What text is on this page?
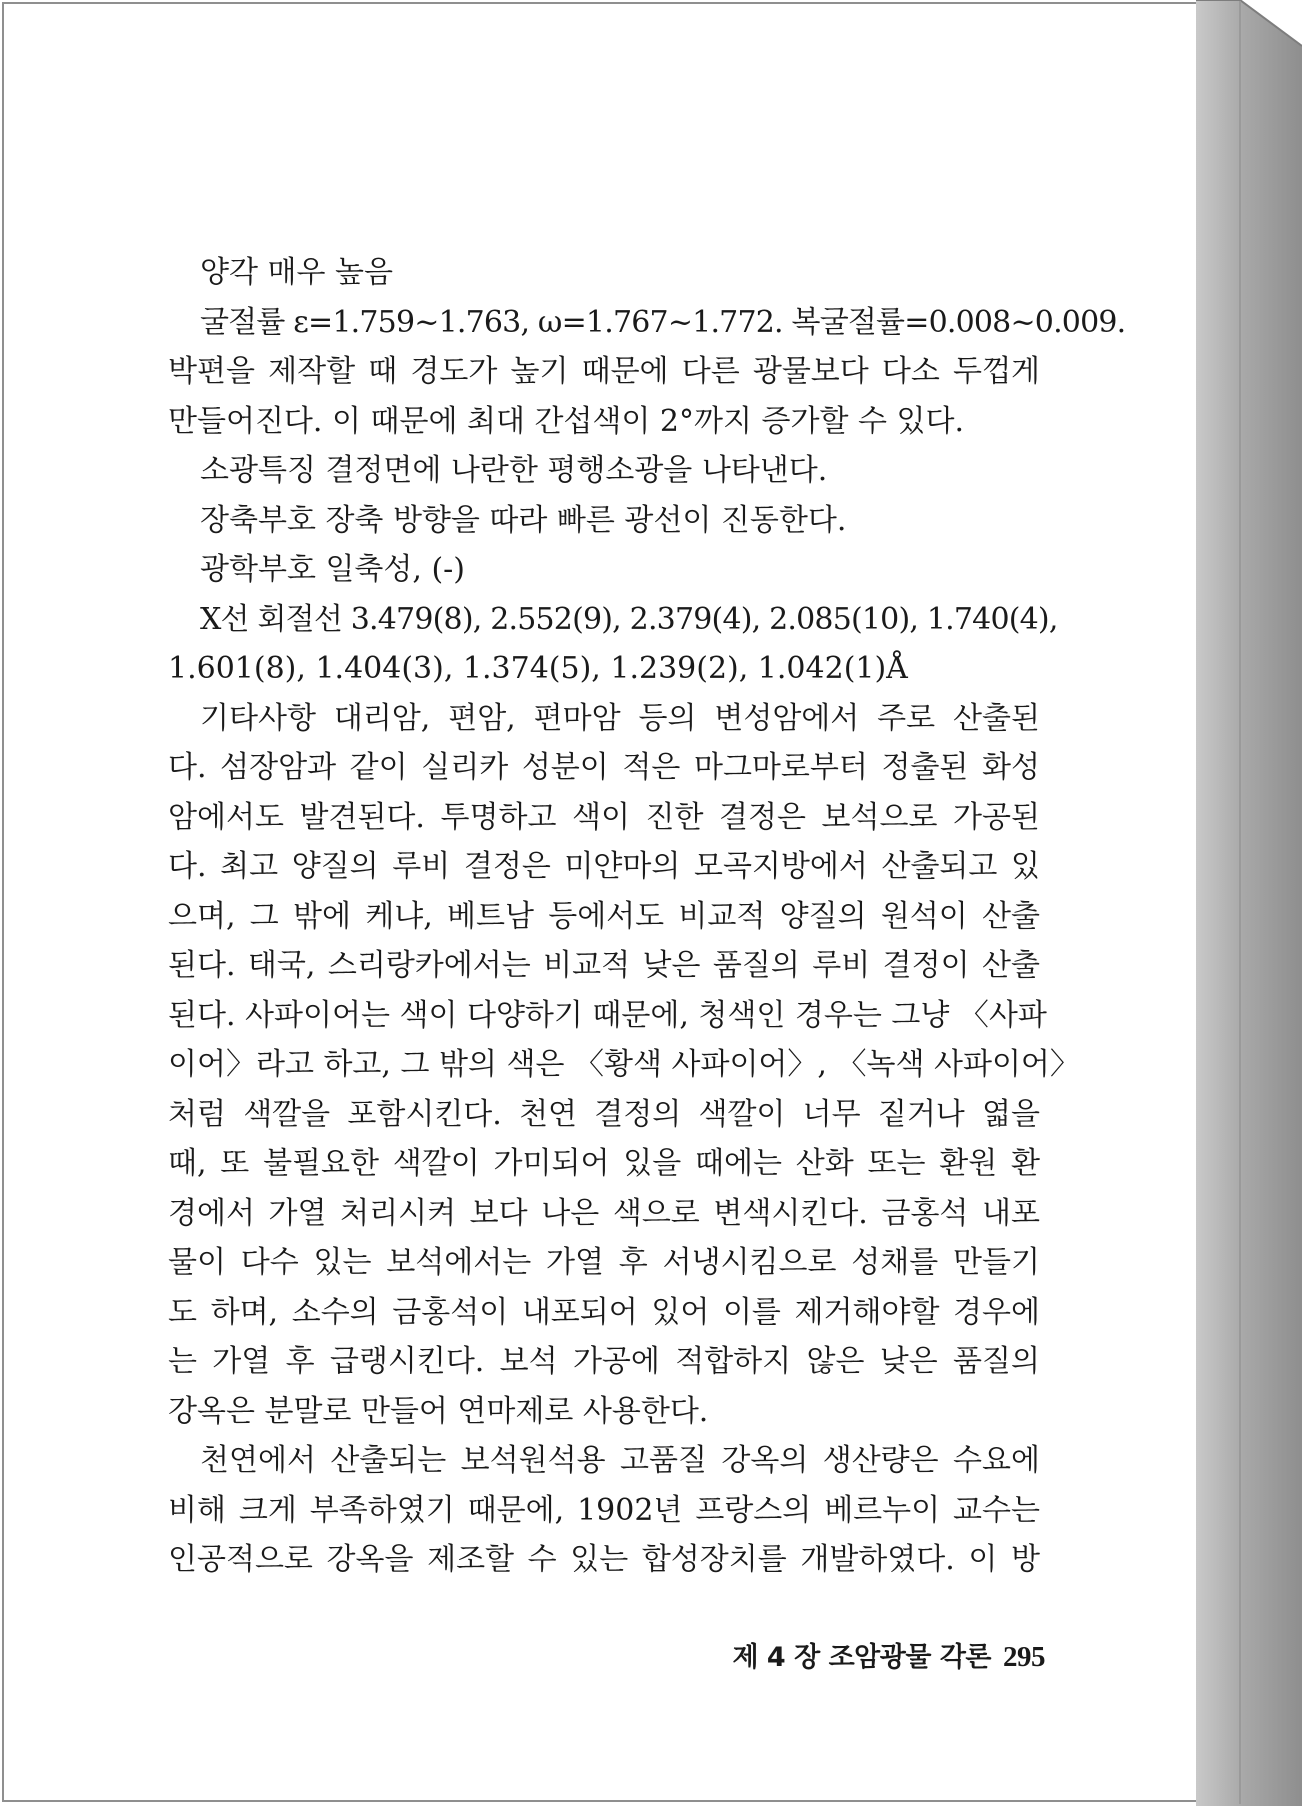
양각 매우 높음
굴절률 ε=1.759~1.763, ω=1.767~1.772. 복굴절률=0.008~0.009.
박편을 제작할 때 경도가 높기 때문에 다른 광물보다 다소 두껍게
만들어진다. 이 때문에 최대 간섭색이 2°까지 증가할 수 있다.
소광특징 결정면에 나란한 평행소광을 나타낸다.
장축부호 장축 방향을 따라 빠른 광선이 진동한다.
광학부호 일축성, (-)
X선 회절선 3.479(8), 2.552(9), 2.379(4), 2.085(10), 1.740(4),
1.601(8), 1.404(3), 1.374(5), 1.239(2), 1.042(1)Å
기타사항 대리암, 편암, 편마암 등의 변성암에서 주로 산출된
다. 섬장암과 같이 실리카 성분이 적은 마그마로부터 정출된 화성
암에서도 발견된다. 투명하고 색이 진한 결정은 보석으로 가공된
다. 최고 양질의 루비 결정은 미얀마의 모곡지방에서 산출되고 있
으며, 그 밖에 케냐, 베트남 등에서도 비교적 양질의 원석이 산출
된다. 태국, 스리랑카에서는 비교적 낮은 품질의 루비 결정이 산출
된다. 사파이어는 색이 다양하기 때문에, 청색인 경우는 그냥 〈사파
이어〉라고 하고, 그 밖의 색은 〈황색 사파이어〉, 〈녹색 사파이어〉
처럼 색깔을 포함시킨다. 천연 결정의 색깔이 너무 짙거나 엷을
때, 또 불필요한 색깔이 가미되어 있을 때에는 산화 또는 환원 환
경에서 가열 처리시켜 보다 나은 색으로 변색시킨다. 금홍석 내포
물이 다수 있는 보석에서는 가열 후 서냉시킴으로 성채를 만들기
도 하며, 소수의 금홍석이 내포되어 있어 이를 제거해야할 경우에
는 가열 후 급랭시킨다. 보석 가공에 적합하지 않은 낮은 품질의
강옥은 분말로 만들어 연마제로 사용한다.
천연에서 산출되는 보석원석용 고품질 강옥의 생산량은 수요에
비해 크게 부족하였기 때문에, 1902년 프랑스의 베르누이 교수는
인공적으로 강옥을 제조할 수 있는 합성장치를 개발하였다. 이 방
제 4 장 조암광물 각론 295
